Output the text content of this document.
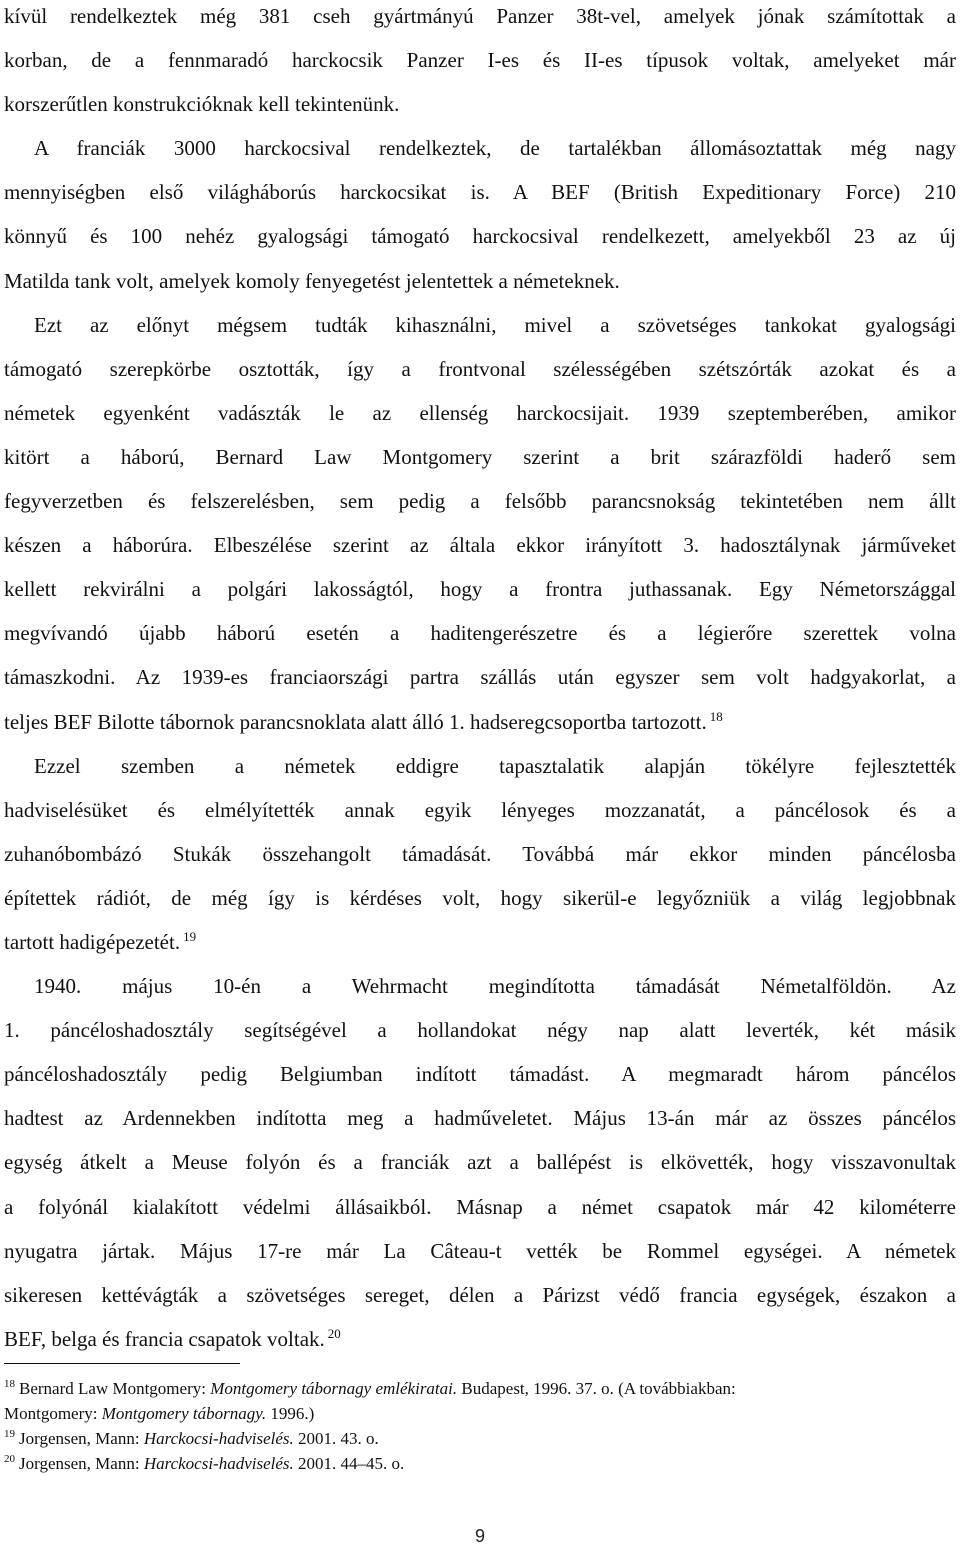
kívül rendelkeztek még 381 cseh gyártmányú Panzer 38t-vel, amelyek jónak számítottak a
korban, de a fennmaradó harckocsik Panzer I-es és II-es típusok voltak, amelyeket már
korszerűtlen konstrukcióknak kell tekintenünk.
A franciák 3000 harckocsival rendelkeztek, de tartalékban állomásoztattak még nagy
mennyiségben első világháborús harckocsikat is. A BEF (British Expeditionary Force) 210
könnyű és 100 nehéz gyalogsági támogató harckocsival rendelkezett, amelyekből 23 az új
Matilda tank volt, amelyek komoly fenyegetést jelentettek a németeknek.
Ezt az előnyt mégsem tudták kihasználni, mivel a szövetséges tankokat gyalogsági
támogató szerepkörbe osztották, így a frontvonal szélességében szétszórták azokat és a
németek egyenként vadászták le az ellenség harckocsijait. 1939 szeptemberében, amikor
kitört a háború, Bernard Law Montgomery szerint a brit szárazföldi haderő sem
fegyverzetben és felszerelésben, sem pedig a felsőbb parancsnokság tekintetében nem állt
készen a háborúra. Elbeszélése szerint az általa ekkor irányított 3. hadosztálynak járműveket
kellett rekvirálni a polgári lakosságtól, hogy a frontra juthassanak. Egy Németországgal
megvívandó újabb háború esetén a haditengerészetre és a légierőre szerettek volna
támaszkodni. Az 1939-es franciaországi partra szállás után egyszer sem volt hadgyakorlat, a
teljes BEF Bilotte tábornok parancsnoklata alatt álló 1. hadseregcsoportba tartozott. $^{18}$
Ezzel szemben a németek eddigre tapasztalatik alapján tökélyre fejlesztették
hadviselésüket és elmélyítették annak egyik lényeges mozzanatát, a páncélosok és a
zuhanóbombázó Stukák összehangolt támadását. Továbbá már ekkor minden páncélosba
építettek rádiót, de még így is kérdéses volt, hogy sikerül-e legyőzniük a világ legjobbnak
tartott hadigépezetét. $^{19}$
1940. május 10-én a Wehrmacht megindította támadását Németalföldön. Az
1. páncéloshadosztály segítségével a hollandokat négy nap alatt leverték, két másik
páncéloshadosztály pedig Belgiumban indított támadást. A megmaradt három páncélos
hadtest az Ardennekben indította meg a hadműveletet. Május 13-án már az összes páncélos
egység átkelt a Meuse folyón és a franciák azt a ballépést is elkövették, hogy visszavonultak
a folyónál kialakított védelmi állásaikból. Másnap a német csapatok már 42 kilométerre
nyugatra jártak. Május 17-re már La Câteau-t vették be Rommel egységei. A németek
sikeresen kettévágták a szövetséges sereget, délen a Párizst védő francia egységek, északon a
BEF, belga és francia csapatok voltak. $^{20}$
$^{18}$ Bernard Law Montgomery: Montgomery tábornagy emlékiratai. Budapest, 1996. 37. o. (A továbbiakban:
Montgomery: Montgomery tábornagy. 1996.)
$^{19}$ Jorgensen, Mann: Harckocsi-hadviselés. 2001. 43. o.
$^{20}$ Jorgensen, Mann: Harckocsi-hadviselés. 2001. 44–45. o.
9
